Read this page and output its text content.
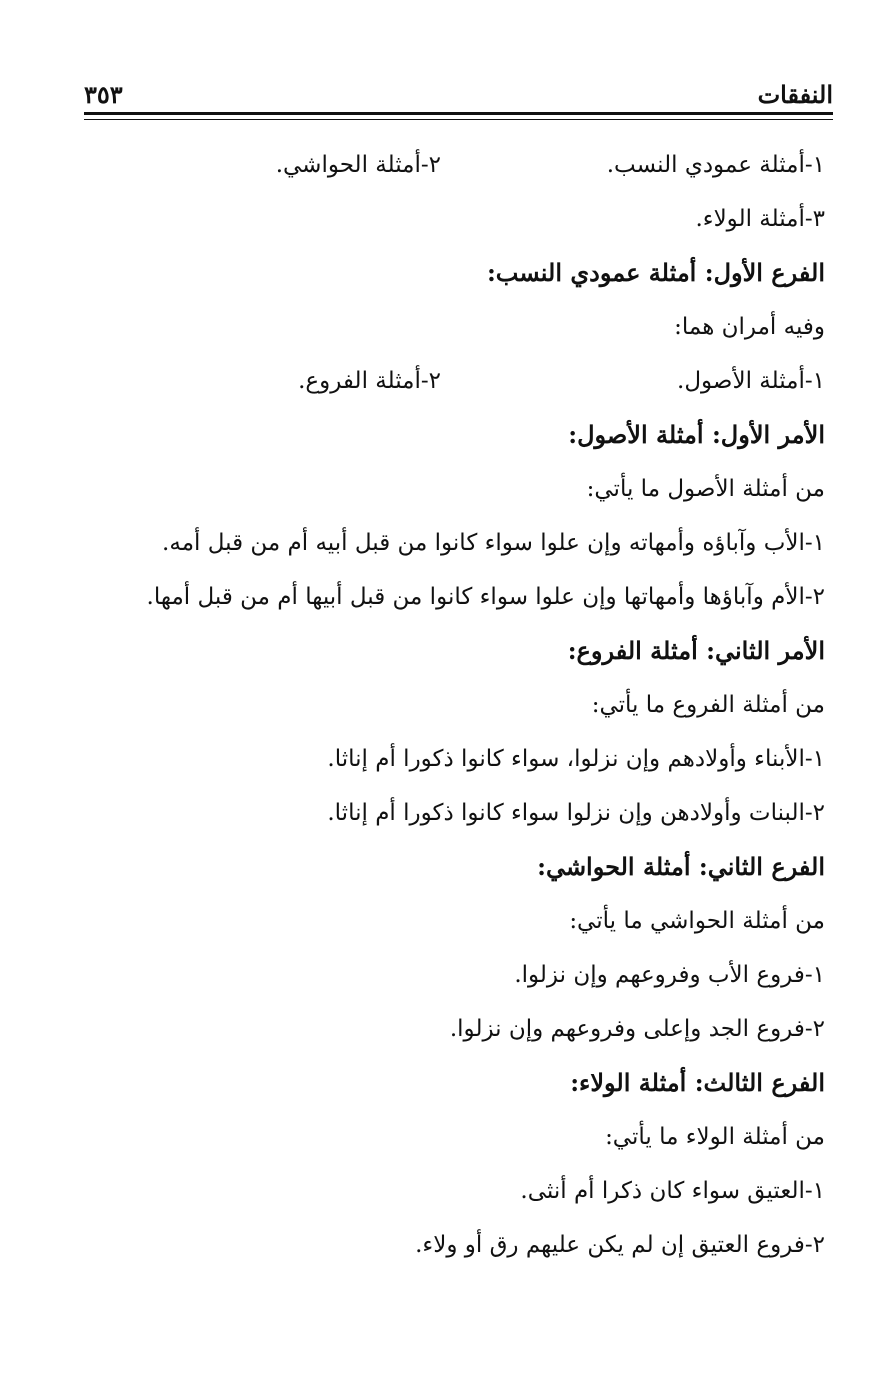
النفقات
٣٥٣
١-أمثلة عمودي النسب.
٢-أمثلة الحواشي.
٣-أمثلة الولاء.
الفرع الأول: أمثلة عمودي النسب:
وفيه أمران هما:
١-أمثلة الأصول.
٢-أمثلة الفروع.
الأمر الأول: أمثلة الأصول:
من أمثلة الأصول ما يأتي:
١-الأب وآباؤه وأمهاته وإن علوا سواء كانوا من قبل أبيه أم من قبل أمه.
٢-الأم وآباؤها وأمهاتها وإن علوا سواء كانوا من قبل أبيها أم من قبل أمها.
الأمر الثاني: أمثلة الفروع:
من أمثلة الفروع ما يأتي:
١-الأبناء وأولادهم وإن نزلوا، سواء كانوا ذكورا أم إناثا.
٢-البنات وأولادهن وإن نزلوا سواء كانوا ذكورا أم إناثا.
الفرع الثاني: أمثلة الحواشي:
من أمثلة الحواشي ما يأتي:
١-فروع الأب وفروعهم وإن نزلوا.
٢-فروع الجد وإعلى وفروعهم وإن نزلوا.
الفرع الثالث: أمثلة الولاء:
من أمثلة الولاء ما يأتي:
١-العتيق سواء كان ذكرا أم أنثى.
٢-فروع العتيق إن لم يكن عليهم رق أو ولاء.
